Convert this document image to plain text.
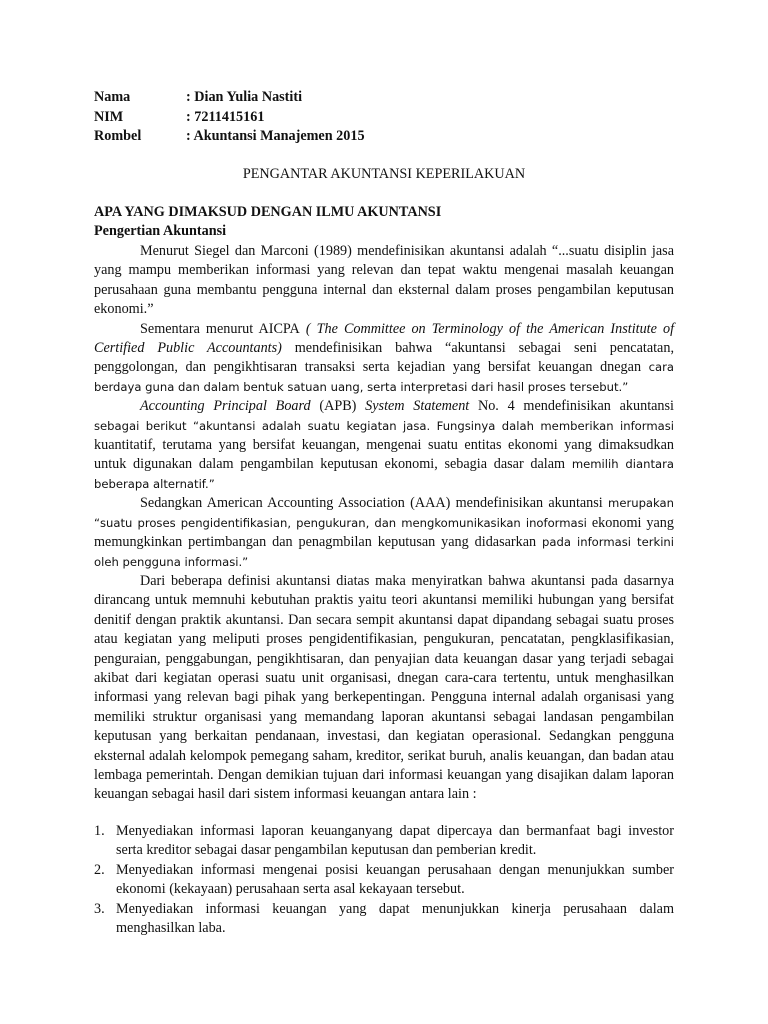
Nama	: Dian Yulia Nastiti
NIM	: 7211415161
Rombel	: Akuntansi Manajemen 2015
PENGANTAR AKUNTANSI KEPERILAKUAN
APA YANG DIMAKSUD DENGAN ILMU AKUNTANSI
Pengertian Akuntansi

Menurut Siegel dan Marconi (1989) mendefinisikan akuntansi adalah “...suatu disiplin jasa yang mampu memberikan informasi yang relevan dan tepat waktu mengenai masalah keuangan perusahaan guna membantu pengguna internal dan eksternal dalam proses pengambilan keputusan ekonomi.”

Sementara menurut AICPA ( The Committee on Terminology of the American Institute of Certified Public Accountants) mendefinisikan bahwa “akuntansi sebagai seni pencatatan, penggolongan, dan pengikhtisaran transaksi serta kejadian yang bersifat keuangan dnegan cara berdaya guna dan dalam bentuk satuan uang, serta interpretasi dari hasil proses tersebut.”

Accounting Principal Board (APB) System Statement No. 4 mendefinisikan akuntansi sebagai berikut “akuntansi adalah suatu kegiatan jasa. Fungsinya dalah memberikan informasi kuantitatif, terutama yang bersifat keuangan, mengenai suatu entitas ekonomi yang dimaksudkan untuk digunakan dalam pengambilan keputusan ekonomi, sebagia dasar dalam memilih diantara beberapa alternatif.”

Sedangkan American Accounting Association (AAA) mendefinisikan akuntansi merupakan “suatu proses pengidentifikasian, pengukuran, dan mengkomunikasikan inoformasi ekonomi yang memungkinkan pertimbangan dan penagmbilan keputusan yang didasarkan pada informasi terkini oleh pengguna informasi.”

Dari beberapa definisi akuntansi diatas maka menyiratkan bahwa akuntansi pada dasarnya dirancang untuk memnuhi kebutuhan praktis yaitu teori akuntansi memiliki hubungan yang bersifat denitif dengan praktik akuntansi. Dan secara sempit akuntansi dapat dipandang sebagai suatu proses atau kegiatan yang meliputi proses pengidentifikasian, pengukuran, pencatatan, pengklasifikasian, penguraian, penggabungan, pengikhtisaran, dan penyajian data keuangan dasar yang terjadi sebagai akibat dari kegiatan operasi suatu unit organisasi, dnegan cara-cara tertentu, untuk menghasilkan informasi yang relevan bagi pihak yang berkepentingan. Pengguna internal adalah organisasi yang memiliki struktur organisasi yang memandang laporan akuntansi sebagai landasan pengambilan keputusan yang berkaitan pendanaan, investasi, dan kegiatan operasional. Sedangkan pengguna eksternal adalah kelompok pemegang saham, kreditor, serikat buruh, analis keuangan, dan badan atau lembaga pemerintah. Dengan demikian tujuan dari informasi keuangan yang disajikan dalam laporan keuangan sebagai hasil dari sistem informasi keuangan antara lain :

1. Menyediakan informasi laporan keuanganyang dapat dipercaya dan bermanfaat bagi investor serta kreditor sebagai dasar pengambilan keputusan dan pemberian kredit.
2. Menyediakan informasi mengenai posisi keuangan perusahaan dengan menunjukkan sumber ekonomi (kekayaan) perusahaan serta asal kekayaan tersebut.
3. Menyediakan informasi keuangan yang dapat menunjukkan kinerja perusahaan dalam menghasilkan laba.
